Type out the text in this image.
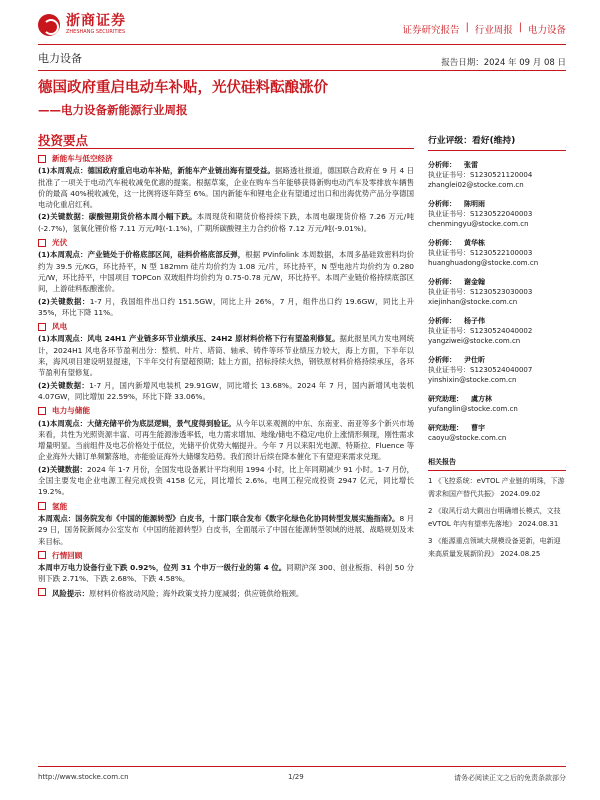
浙商证券
ZHESHANG SECURITIES	证券研究报告 | 行业周报 | 电力设备
电力设备	报告日期：2024 年 09 月 08 日
德国政府重启电动车补贴，光伏硅料酝酿涨价
——电力设备新能源行业周报
投资要点
新能车与低空经济
(1)本周观点：德国政府重启电动车补贴，新能车产业链出海有望受益。据路透社报道，德国联合政府在 9 月 4 日批准了一项关于电动汽车税收减免优惠的提案。根据草案，企业在购车当年能够获得新购电动汽车及零排放车辆售价的最高 40%税收减免，这一比例将逐年降至 6%。国内新能车和锂电企业有望通过出口和出海优势产品分享德国电动化重启红利。
(2)关键数据：碳酸锂期货价格本周小幅下跌。本周现货和期货价格持续下跌，本周电碳现货价格 7.26 万元/吨(-2.7%)，氢氧化锂价格 7.11 万元/吨(-1.1%)，广期所碳酸锂主力合约价格 7.12 万元/吨(-9.01%)。
光伏
(1)本周观点：产业链处于价格底部区间，硅料价格底部反弹，根据 PVinfolink 本周数据，本周多晶硅致密料均价约为 39.5 元/KG，环比持平，N 型 182mm 硅片均价约为 1.08 元/片，环比持平，N 型电池片均价约为 0.280 元/W，环比持平，中国项目 TOPCon 双玻组件均价约为 0.75-0.78 元/W，环比持平。本周产业链价格持续底部区间，上游硅料酝酿涨价。
(2)关键数据：1-7 月，我国组件出口约 151.5GW，同比上升 26%，7 月，组件出口约 19.6GW，同比上升 35%，环比下降 11%。
风电
(1)本周观点：风电 24H1 产业链多环节业绩承压、24H2 原材料价格下行有望盈利修复。据此报星风力发电网统计，2024H1 风电各环节盈利出分：整机、叶片、塔筒、轴承、铸件等环节业绩压力较大，海上方面，下半年以来，海风项目建设明显提速，下半年交付有望超预期；陆上方面，招标持续火热，钢铁原材料价格持续承压，各环节盈利有望修复。
(2)关键数据：1-7 月，国内新增风电装机 29.91GW，同比增长 13.68%。2024 年 7 月，国内新增风电装机 4.07GW，同比增加 22.59%，环比下降 33.06%。
电力与储能
(1)本周观点：大储充储平价为底层逻辑，景气度得到验证。从今年以来观测的中东、东南亚、南亚等多个新兴市场来看，共性为光照资源丰富、可再生能源渗透率低，电力需求增加、地缘/储电不稳定/电价上涨情形频现，刚性需求增量明显。当前组件及电芯价格处于低位，光储平价优势大幅提升。今年 7 月以来阳光电源、特斯拉、Fluence 等企业海外大储订单频繁落地，亦能验证海外大储爆发趋势。我们预计后续在降本催化下有望迎来需求兑现。
(2)关键数据：2024 年 1-7 月份，全国发电设备累计平均利用 1994 小时，比上年同期减少 91 小时。1-7 月份，全国主要发电企业电源工程完成投资 4158 亿元，同比增长 2.6%。电网工程完成投资 2947 亿元，同比增长 19.2%。
氢能
本周观点：国务院发布《中国的能源转型》白皮书，十部门联合发布《数字化绿色化协同转型发展实施指南》。8 月 29 日，国务院新闻办公室发布《中国的能源转型》白皮书，全面展示了中国在能源转型领域的进展、战略规划及未来目标。
行情回顾
本周申万电力设备行业下跌 0.92%，位列 31 个申万一级行业的第 4 位。同期沪深 300、创业板指、科创 50 分别下跌 2.71%、下跌 2.68%、下跌 4.58%。
风险提示：原材料价格波动风险；海外政策支持力度减弱；供应链供给瓶颈。
行业评级：看好(维持)
分析师： 张雷
执业证书号：S1230521120004
zhanglei02@stocke.com.cn
分析师： 陈明雨
执业证书号：S1230522040003
chenmingyu@stocke.com.cn
分析师： 黄华栋
执业证书号：S1230522100003
huanghuadong@stocke.com.cn
分析师： 谢金翰
执业证书号：S1230523030003
xiejinhan@stocke.com.cn
分析师： 杨子伟
执业证书号：S1230524040002
yangziwei@stocke.com.cn
分析师： 尹仕昕
执业证书号：S1230524040007
yinshixin@stocke.com.cn
研究助理： 虞方林
yufanglin@stocke.com.cn
研究助理： 曹宇
caoyu@stocke.com.cn
相关报告
1 《飞控系统：eVTOL 产业链的明珠，下游需求和国产替代共振》 2024.09.02
2 《取风行动大剩出台明确增长模式，文技 eVTOL 年内有望率先落地》 2024.08.31
3 《能源重点领域大规模设备更新，电新迎来高质量发展新阶段》 2024.08.25
http://www.stocke.com.cn	1/29	请务必阅读正文之后的免责条款部分
